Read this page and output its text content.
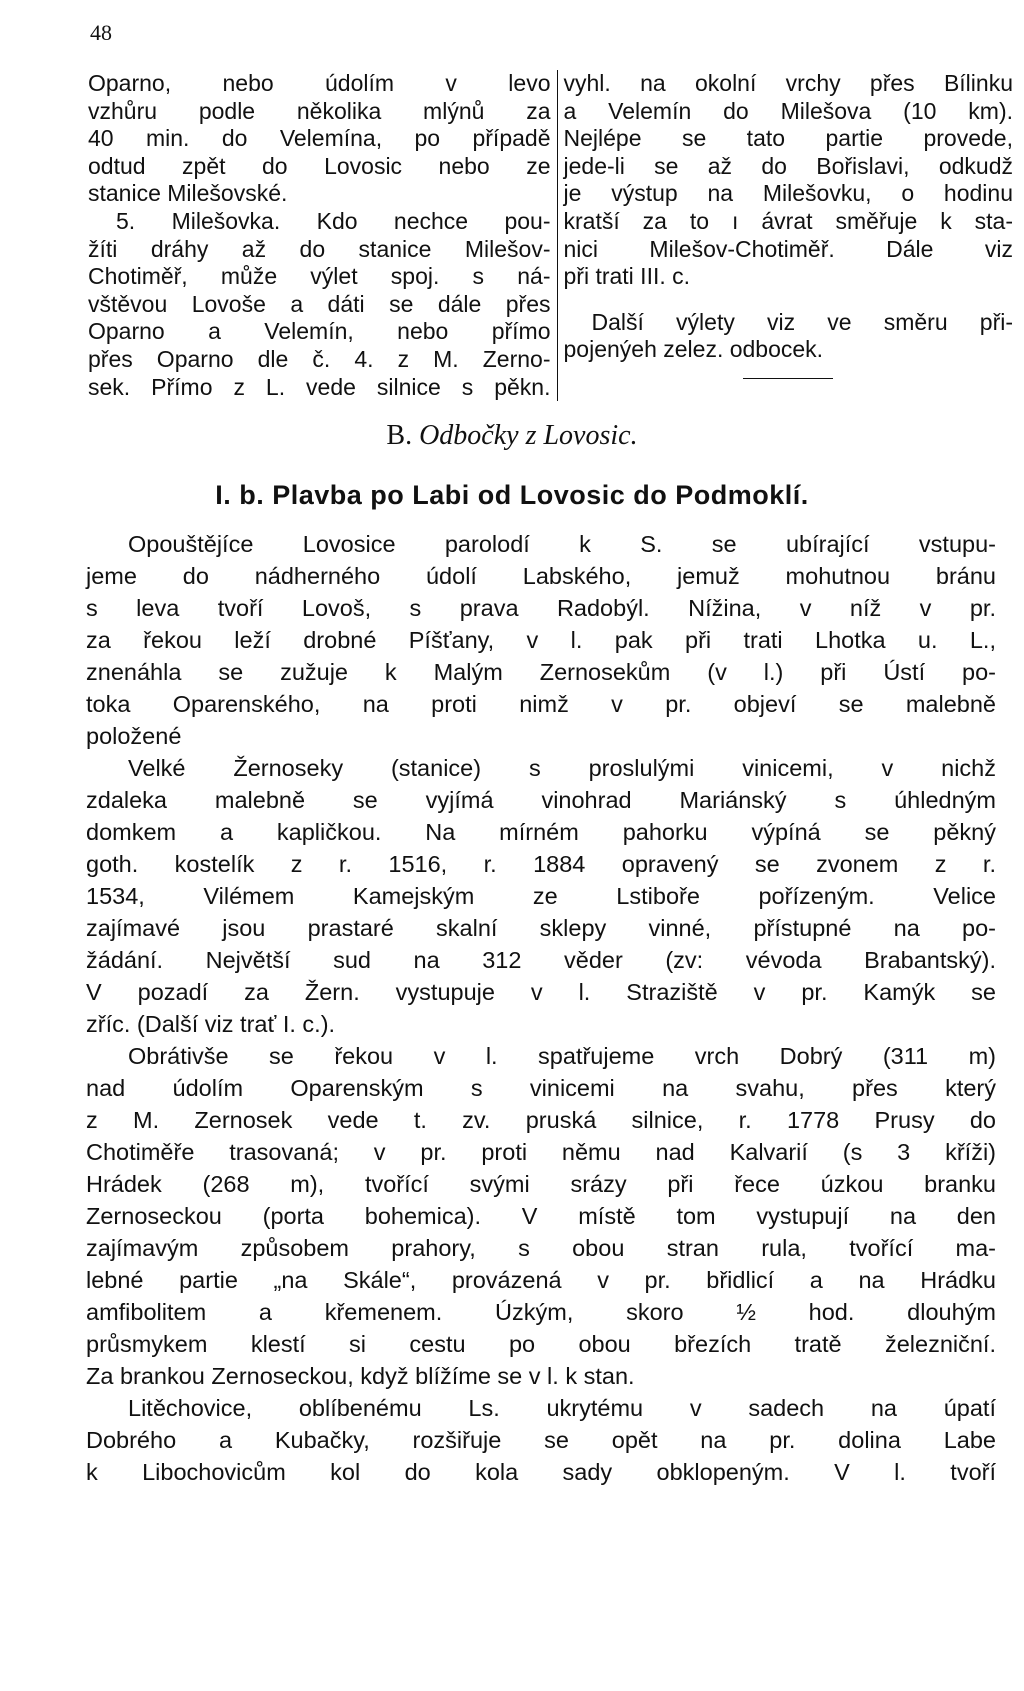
48
Oparno, nebo údolím v levo
vzhůru podle několika mlýnů za
40 min. do Velemína, po případě
odtud zpět do Lovosic nebo ze
stanice Milešovské.
5. Milešovka. Kdo nechce pou-
žíti dráhy až do stanice Milešov-
Chotiměř, může výlet spoj. s ná-
vštěvou Lovoše a dáti se dále přes
Oparno a Velemín, nebo přímo
přes Oparno dle č. 4. z M. Zerno-
sek. Přímo z L. vede silnice s pěkn.
vyhl. na okolní vrchy přes Bílinku
a Velemín do Milešova (10 km).
Nejlépe se tato partie provede,
jede-li se až do Bořislavi, odkudž
je výstup na Milešovku, o hodinu
kratší za to ı ávrat směřuje k sta-
nici Milešov-Chotiměř. Dále viz
při trati III. c.
Další výlety viz ve směru při-
pojenýeh zelez. odbocek.
B. Odbočky z Lovosic.
I. b. Plavba po Labi od Lovosic do Podmoklí.
Opouštějíce Lovosice parolodí k S. se ubírající vstupu-
jeme do nádherného údolí Labského, jemuž mohutnou bránu
s leva tvoří Lovoš, s prava Radobýl. Nížina, v níž v pr.
za řekou leží drobné Píšťany, v l. pak při trati Lhotka u. L.,
znenáhla se zužuje k Malým Zernosekům (v l.) při Ústí po-
toka Oparenského, na proti nimž v pr. objeví se malebně
položené
Velké Žernoseky (stanice) s proslulými vinicemi, v nichž
zdaleka malebně se vyjímá vinohrad Mariánský s úhledným
domkem a kapličkou. Na mírném pahorku výpíná se pěkný
goth. kostelík z r. 1516, r. 1884 opravený se zvonem z r.
1534, Vilémem Kamejským ze Lstiboře pořízeným. Velice
zajímavé jsou prastaré skalní sklepy vinné, přístupné na po-
žádání. Největší sud na 312 věder (zv: vévoda Brabantský).
V pozadí za Žern. vystupuje v l. Straziště v pr. Kamýk se
zříc. (Další viz trať I. c.).
Obrátivše se řekou v l. spatřujeme vrch Dobrý (311 m)
nad údolím Oparenským s vinicemi na svahu, přes který
z M. Zernosek vede t. zv. pruská silnice, r. 1778 Prusy do
Chotiměře trasovaná; v pr. proti němu nad Kalvarií (s 3 kříži)
Hrádek (268 m), tvořící svými srázy při řece úzkou branku
Zernoseckou (porta bohemica). V místě tom vystupují na den
zajímavým způsobem prahory, s obou stran rula, tvořící ma-
lebné partie „na Skále“, provázená v pr. břidlicí a na Hrádku
amfibolitem a křemenem. Úzkým, skoro ½ hod. dlouhým
průsmykem klestí si cestu po obou březích tratě železniční.
Za brankou Zernoseckou, když blížíme se v l. k stan.
Litěchovice, oblíbenému Ls. ukrytému v sadech na úpatí
Dobrého a Kubačky, rozšiřuje se opět na pr. dolina Labe
k Libochovicům kol do kola sady obklopeným. V l. tvoří
